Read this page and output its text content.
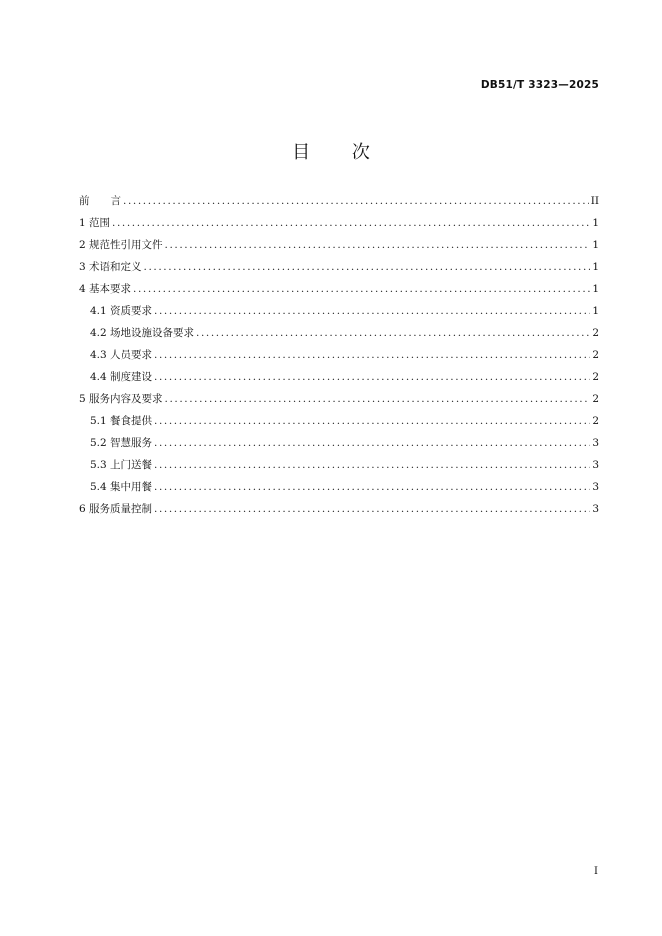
DB51/T 3323—2025
目 次
前　　言 .....	II
1 范围 .....	1
2 规范性引用文件 .....	1
3 术语和定义 .....	1
4 基本要求 .....	1
4.1 资质要求 .....	1
4.2 场地设施设备要求 .....	2
4.3 人员要求 .....	2
4.4 制度建设 .....	2
5 服务内容及要求 .....	2
5.1 餐食提供 .....	2
5.2 智慧服务 .....	3
5.3 上门送餐 .....	3
5.4 集中用餐 .....	3
6 服务质量控制 .....	3
I
